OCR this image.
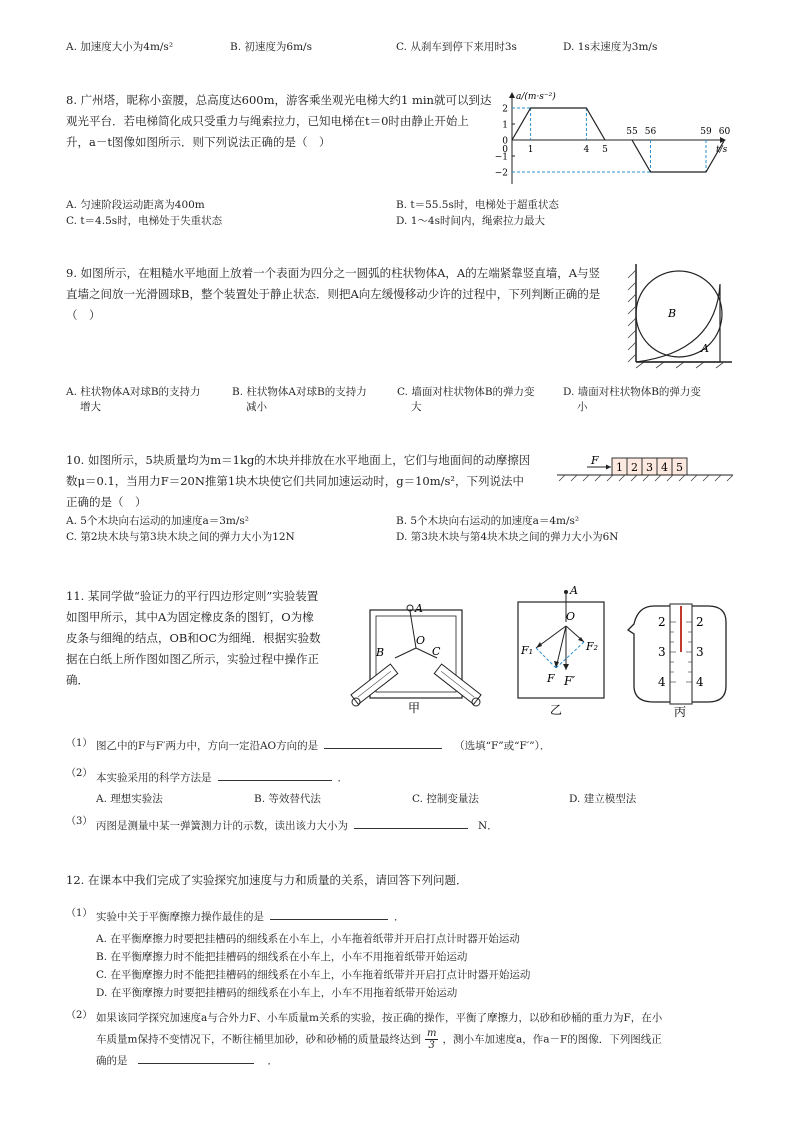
A. 加速度大小为4m/s²	B. 初速度为6m/s	C. 从刹车到停下来用时3s	D. 1s末速度为3m/s
8. 广州塔，昵称小蛮腰，总高度达600m，游客乘坐观光电梯大约1 min就可以到达
观光平台．若电梯简化成只受重力与绳索拉力，已知电梯在t＝0时由静止开始上
升，a－t图像如图所示．则下列说法正确的是（　）
2
1
0
−1
−2
a/(m·s⁻²)
t/s
1	4 5
55 56	59 60
0
A. 匀速阶段运动距离为400m	B. t＝55.5s时，电梯处于超重状态
C. t＝4.5s时，电梯处于失重状态	D. 1～4s时间内，绳索拉力最大
9. 如图所示，在粗糙水平地面上放着一个表面为四分之一圆弧的柱状物体A，A的左端紧靠竖直墙，A与竖
直墙之间放一光滑圆球B，整个装置处于静止状态．则把A向左缓慢移动少许的过程中，下列判断正确的是
（　）	B
A
A. 柱状物体A对球B的支持力
增大
B. 柱状物体A对球B的支持力
减小
C. 墙面对柱状物体B的弹力变
大
D. 墙面对柱状物体B的弹力变
小
10. 如图所示，5块质量均为m＝1kg的木块并排放在水平地面上，它们与地面间的动摩擦因
数μ＝0.1，当用力F＝20N推第1块木块使它们共同加速运动时，g＝10m/s²，下列说法中
正确的是（　）
F
1 2 3 4 5
A. 5个木块向右运动的加速度a＝3m/s²	B. 5个木块向右运动的加速度a＝4m/s²
C. 第2块木块与第3块木块之间的弹力大小为12N	D. 第3块木块与第4块木块之间的弹力大小为6N
11. 某同学做“验证力的平行四边形定则”实验装置
如图甲所示，其中A为固定橡皮条的图钉，O为橡
皮条与细绳的结点，OB和OC为细绳．根据实验数
据在白纸上所作图如图乙所示，实验过程中操作正
确．
A
O
B	C
甲
A
O
F₁	F₂
F F′
乙
2	2
3	3
4	4
丙
（1） 图乙中的F与F′两力中，方向一定沿AO方向的是	（选填“F”或“F′”）．
（2） 本实验采用的科学方法是	．
A. 理想实验法	B. 等效替代法	C. 控制变量法	D. 建立模型法
（3） 丙图是测量中某一弹簧测力计的示数，读出该力大小为	N．
12. 在课本中我们完成了实验探究加速度与力和质量的关系，请回答下列问题．
（1） 实验中关于平衡摩擦力操作最佳的是	．
A. 在平衡摩擦力时要把挂槽码的细线系在小车上，小车拖着纸带并开启打点计时器开始运动
B. 在平衡摩擦力时不能把挂槽码的细线系在小车上，小车不用拖着纸带开始运动
C. 在平衡摩擦力时不能把挂槽码的细线系在小车上，小车拖着纸带并开启打点计时器开始运动
D. 在平衡摩擦力时要把挂槽码的细线系在小车上，小车不用拖着纸带开始运动
（2） 如果该同学探究加速度a与合外力F、小车质量m关系的实验，按正确的操作，平衡了摩擦力，以砂和砂桶的重力为F，在小
车质量m保持不变情况下，不断往桶里加砂，砂和砂桶的质量最终达到 $\frac{m}{3}$ ，测小车加速度a，作a－F的图像．下列图线正
确的是	．
